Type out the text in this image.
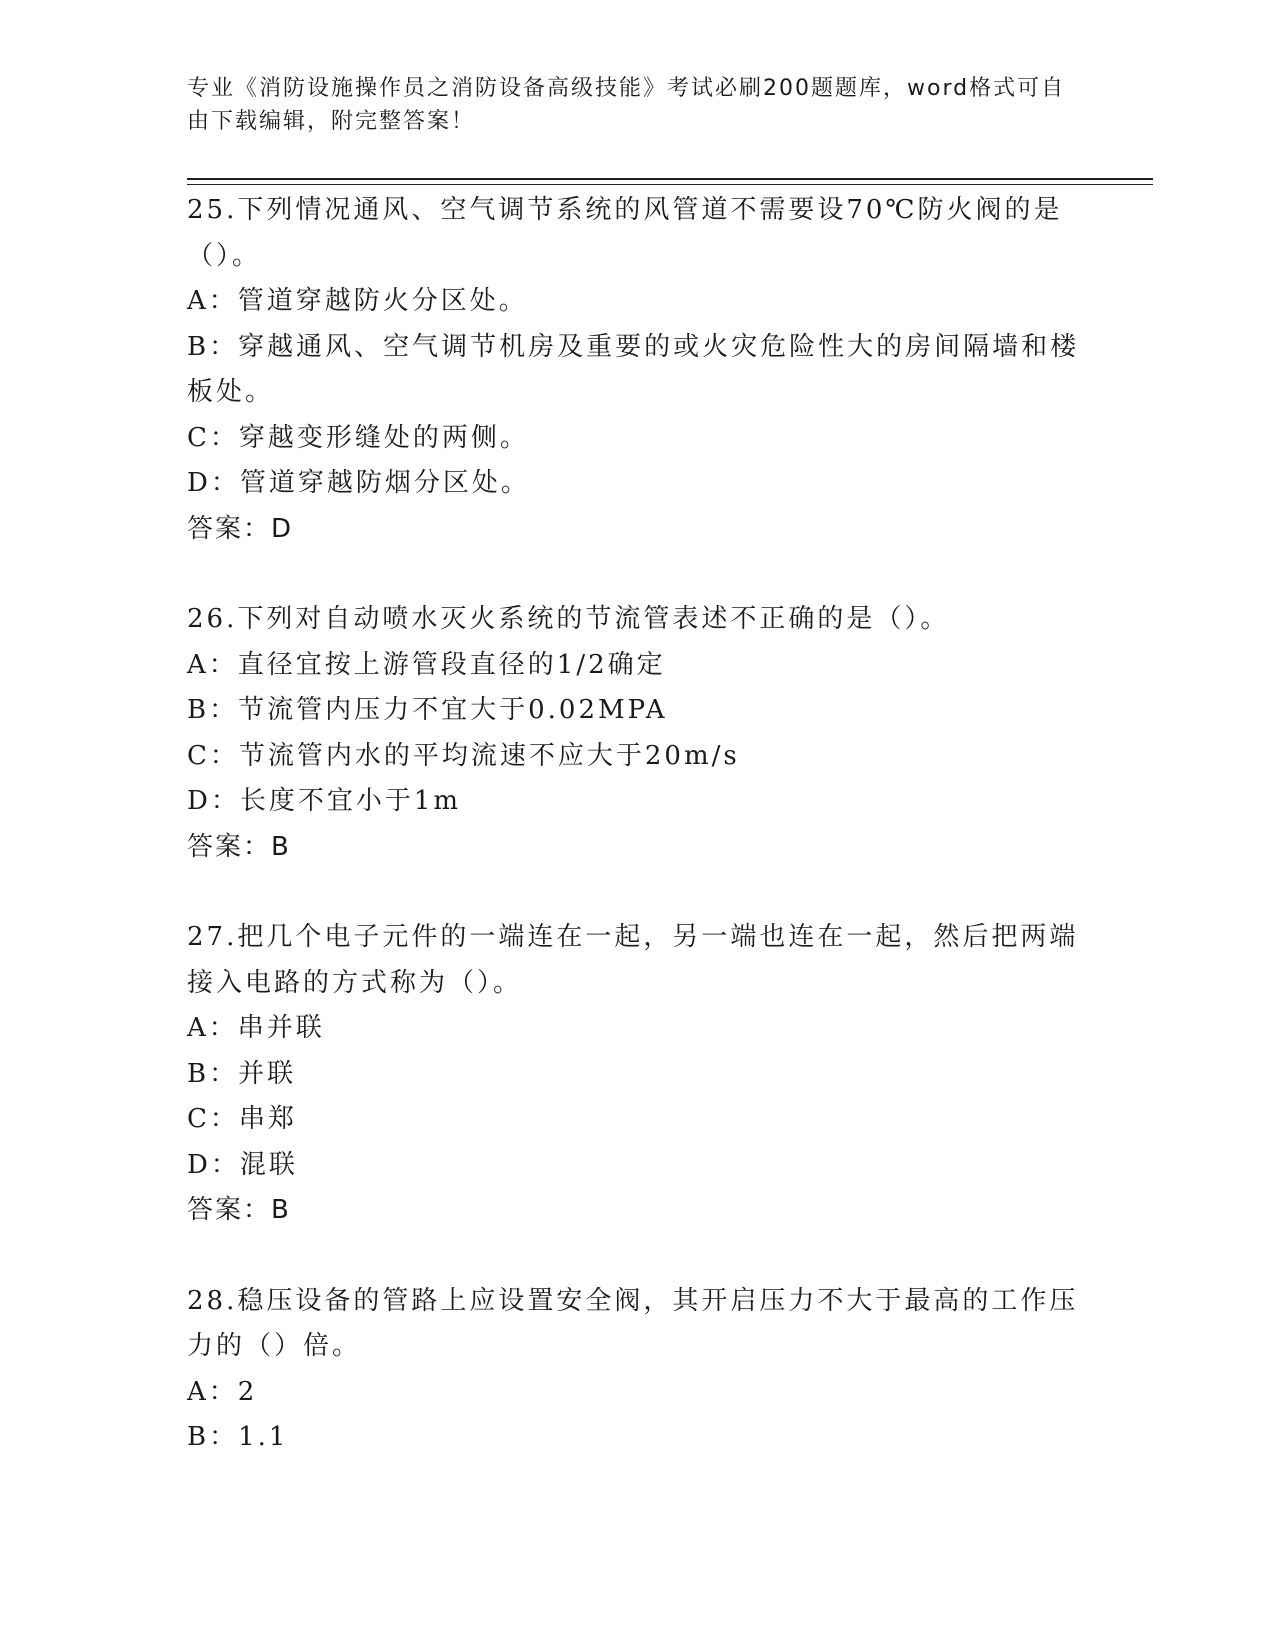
专业《消防设施操作员之消防设备高级技能》考试必刷200题题库，word格式可自由下载编辑，附完整答案！

25.下列情况通风、空气调节系统的风管道不需要设70℃防火阀的是（）。

A：管道穿越防火分区处。

B：穿越通风、空气调节机房及重要的或火灾危险性大的房间隔墙和楼板处。

C：穿越变形缝处的两侧。

D：管道穿越防烟分区处。

答案：D

26.下列对自动喷水灭火系统的节流管表述不正确的是（）。

A：直径宜按上游管段直径的1/2确定

B：节流管内压力不宜大于0.02MPA

C：节流管内水的平均流速不应大于20m/s

D：长度不宜小于1m

答案：B

27.把几个电子元件的一端连在一起，另一端也连在一起，然后把两端接入电路的方式称为（）。

A：串并联

B：并联

C：串郑

D：混联

答案：B

28.稳压设备的管路上应设置安全阀，其开启压力不大于最高的工作压力的（）倍。

A：2

B：1.1
